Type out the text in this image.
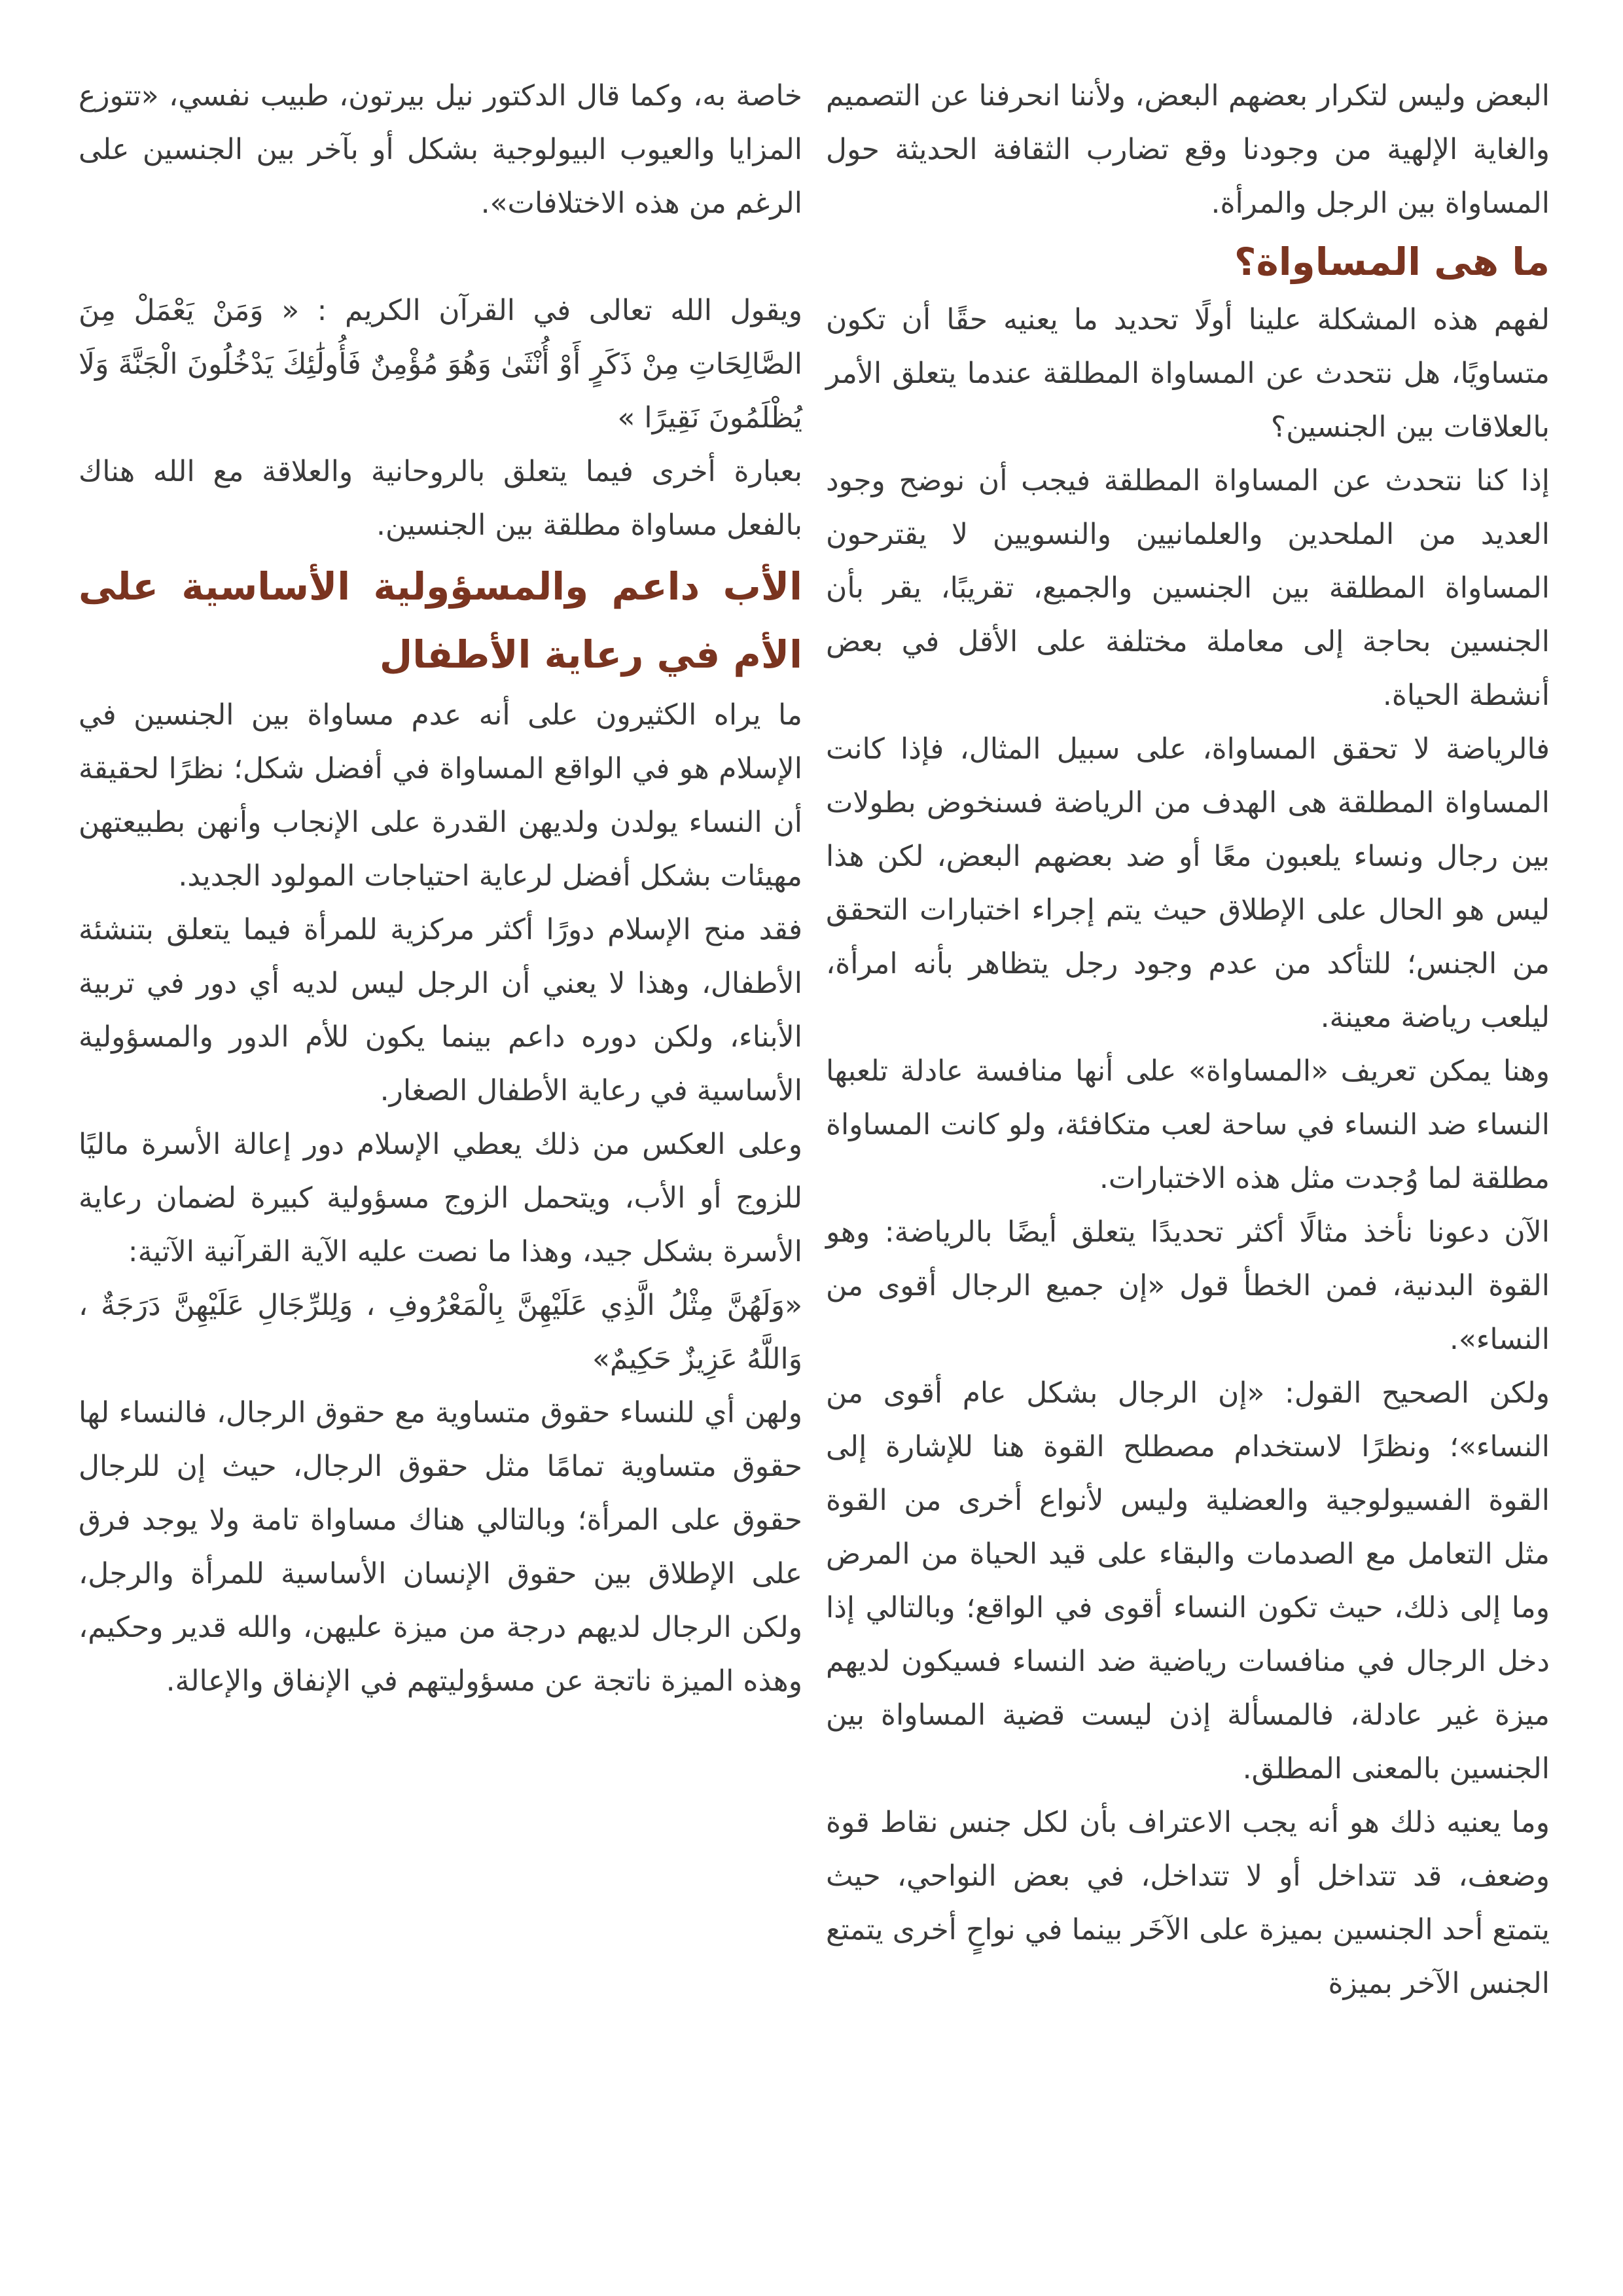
البعض وليس لتكرار بعضهم البعض، ولأننا انحرفنا عن التصميم والغاية الإلهية من وجودنا وقع تضارب الثقافة الحديثة حول المساواة بين الرجل والمرأة.

ما هى المساواة؟

لفهم هذه المشكلة علينا أولًا تحديد ما يعنيه حقًا أن تكون متساويًا، هل نتحدث عن المساواة المطلقة عندما يتعلق الأمر بالعلاقات بين الجنسين؟

إذا كنا نتحدث عن المساواة المطلقة فيجب أن نوضح وجود العديد من الملحدين والعلمانيين والنسويين لا يقترحون المساواة المطلقة بين الجنسين والجميع، تقريبًا، يقر بأن الجنسين بحاجة إلى معاملة مختلفة على الأقل في بعض أنشطة الحياة.

فالرياضة لا تحقق المساواة، على سبيل المثال، فإذا كانت المساواة المطلقة هى الهدف من الرياضة فسنخوض بطولات بين رجال ونساء يلعبون معًا أو ضد بعضهم البعض، لكن هذا ليس هو الحال على الإطلاق حيث يتم إجراء اختبارات التحقق من الجنس؛ للتأكد من عدم وجود رجل يتظاهر بأنه امرأة، ليلعب رياضة معينة.

وهنا يمكن تعريف «المساواة» على أنها منافسة عادلة تلعبها النساء ضد النساء في ساحة لعب متكافئة، ولو كانت المساواة مطلقة لما وُجدت مثل هذه الاختبارات.

الآن دعونا نأخذ مثالًا أكثر تحديدًا يتعلق أيضًا بالرياضة: وهو القوة البدنية، فمن الخطأ قول «إن جميع الرجال أقوى من النساء».

ولكن الصحيح القول: «إن الرجال بشكل عام أقوى من النساء»؛ ونظرًا لاستخدام مصطلح القوة هنا للإشارة إلى القوة الفسيولوجية والعضلية وليس لأنواع أخرى من القوة مثل التعامل مع الصدمات والبقاء على قيد الحياة من المرض وما إلى ذلك، حيث تكون النساء أقوى في الواقع؛ وبالتالي إذا دخل الرجال في منافسات رياضية ضد النساء فسيكون لديهم ميزة غير عادلة، فالمسألة إذن ليست قضية المساواة بين الجنسين بالمعنى المطلق.

وما يعنيه ذلك هو أنه يجب الاعتراف بأن لكل جنس نقاط قوة وضعف، قد تتداخل أو لا تتداخل، في بعض النواحي، حيث يتمتع أحد الجنسين بميزة على الآخَر بينما في نواحٍ أخرى يتمتع الجنس الآخر بميزة

خاصة به، وكما قال الدكتور نيل بيرتون، طبيب نفسي، «تتوزع المزايا والعيوب البيولوجية بشكل أو بآخر بين الجنسين على الرغم من هذه الاختلافات».

ويقول الله تعالى في القرآن الكريم : « وَمَنْ يَعْمَلْ مِنَ الصَّالِحَاتِ مِنْ ذَكَرٍ أَوْ أُنْثَىٰ وَهُوَ مُؤْمِنٌ فَأُولَٰئِكَ يَدْخُلُونَ الْجَنَّةَ وَلَا يُظْلَمُونَ نَقِيرًا »

بعبارة أخرى فيما يتعلق بالروحانية والعلاقة مع الله هناك بالفعل مساواة مطلقة بين الجنسين.

الأب داعم والمسؤولية الأساسية على الأم في رعاية الأطفال

ما يراه الكثيرون على أنه عدم مساواة بين الجنسين في الإسلام هو في الواقع المساواة في أفضل شكل؛ نظرًا لحقيقة أن النساء يولدن ولديهن القدرة على الإنجاب وأنهن بطبيعتهن مهيئات بشكل أفضل لرعاية احتياجات المولود الجديد.

فقد منح الإسلام دورًا أكثر مركزية للمرأة فيما يتعلق بتنشئة الأطفال، وهذا لا يعني أن الرجل ليس لديه أي دور في تربية الأبناء، ولكن دوره داعم بينما يكون للأم الدور والمسؤولية الأساسية في رعاية الأطفال الصغار.

وعلى العكس من ذلك يعطي الإسلام دور إعالة الأسرة ماليًا للزوج أو الأب، ويتحمل الزوج مسؤولية كبيرة لضمان رعاية الأسرة بشكل جيد، وهذا ما نصت عليه الآية القرآنية الآتية:

«وَلَهُنَّ مِثْلُ الَّذِي عَلَيْهِنَّ بِالْمَعْرُوفِ ، وَلِلرِّجَالِ عَلَيْهِنَّ دَرَجَةٌ ، وَاللَّهُ عَزِيزٌ حَكِيمٌ»

ولهن أي للنساء حقوق متساوية مع حقوق الرجال، فالنساء لها حقوق متساوية تمامًا مثل حقوق الرجال، حيث إن للرجال حقوق على المرأة؛ وبالتالي هناك مساواة تامة ولا يوجد فرق على الإطلاق بين حقوق الإنسان الأساسية للمرأة والرجل، ولكن الرجال لديهم درجة من ميزة عليهن، والله قدير وحكيم، وهذه الميزة ناتجة عن مسؤوليتهم في الإنفاق والإعالة.
